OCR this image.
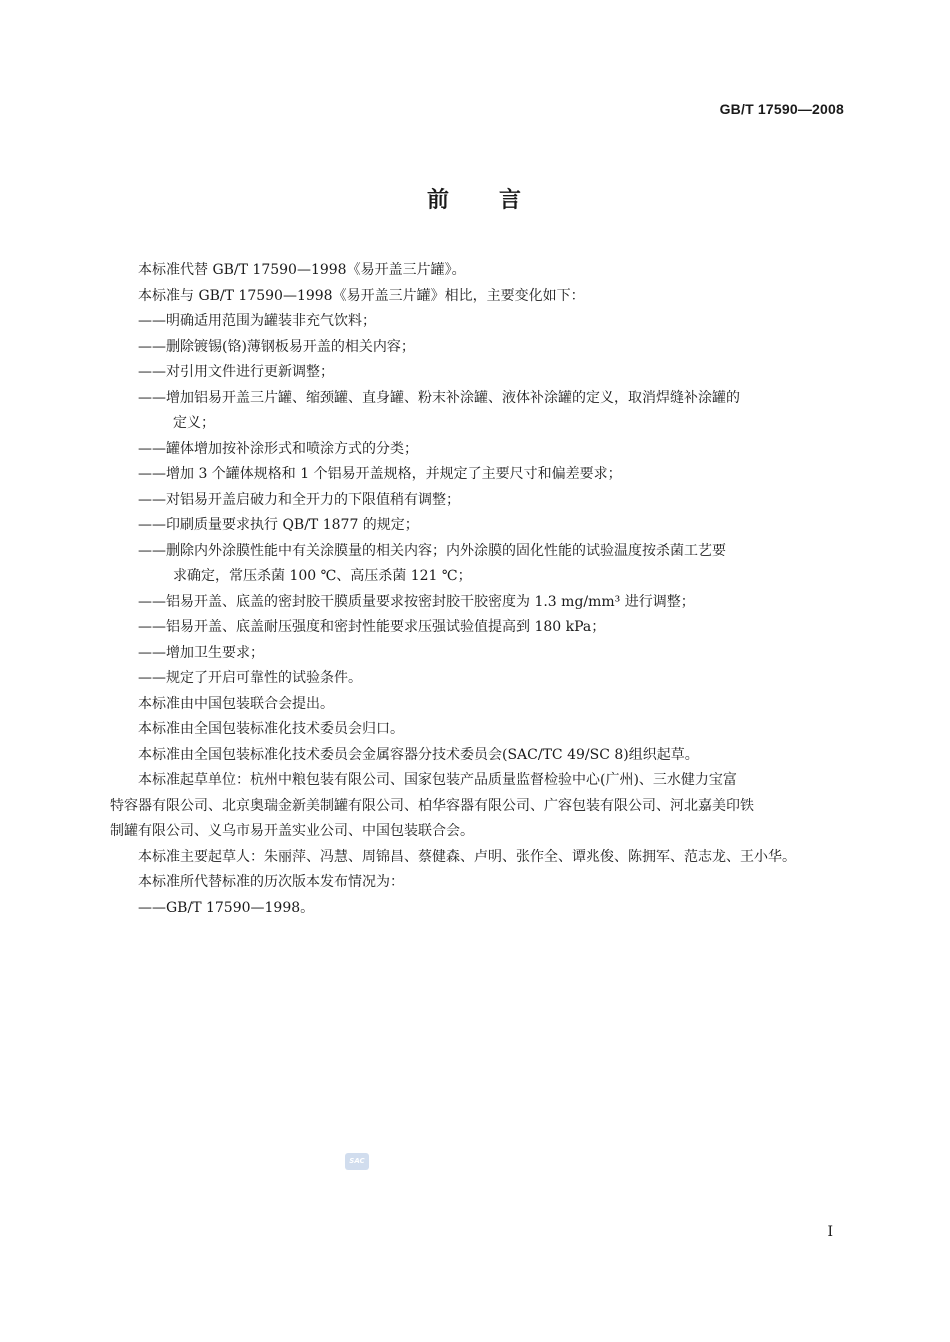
GB/T 17590—2008
前 言
本标准代替 GB/T 17590—1998《易开盖三片罐》。
本标准与 GB/T 17590—1998《易开盖三片罐》相比，主要变化如下：
——明确适用范围为罐装非充气饮料；
——删除镀锡(铬)薄钢板易开盖的相关内容；
——对引用文件进行更新调整；
——增加铝易开盖三片罐、缩颈罐、直身罐、粉末补涂罐、液体补涂罐的定义，取消焊缝补涂罐的
定义；
——罐体增加按补涂形式和喷涂方式的分类；
——增加 3 个罐体规格和 1 个铝易开盖规格，并规定了主要尺寸和偏差要求；
——对铝易开盖启破力和全开力的下限值稍有调整；
——印刷质量要求执行 QB/T 1877 的规定；
——删除内外涂膜性能中有关涂膜量的相关内容；内外涂膜的固化性能的试验温度按杀菌工艺要
求确定，常压杀菌 100 ℃、高压杀菌 121 ℃；
——铝易开盖、底盖的密封胶干膜质量要求按密封胶干胶密度为 1.3 mg/mm³ 进行调整；
——铝易开盖、底盖耐压强度和密封性能要求压强试验值提高到 180 kPa；
——增加卫生要求；
——规定了开启可靠性的试验条件。
本标准由中国包装联合会提出。
本标准由全国包装标准化技术委员会归口。
本标准由全国包装标准化技术委员会金属容器分技术委员会(SAC/TC 49/SC 8)组织起草。
本标准起草单位：杭州中粮包装有限公司、国家包装产品质量监督检验中心(广州)、三水健力宝富
特容器有限公司、北京奥瑞金新美制罐有限公司、柏华容器有限公司、广容包装有限公司、河北嘉美印铁
制罐有限公司、义乌市易开盖实业公司、中国包装联合会。
本标准主要起草人：朱丽萍、冯慧、周锦昌、蔡健森、卢明、张作全、谭兆俊、陈拥军、范志龙、王小华。
本标准所代替标准的历次版本发布情况为：
——GB/T 17590—1998。
SAC
I
